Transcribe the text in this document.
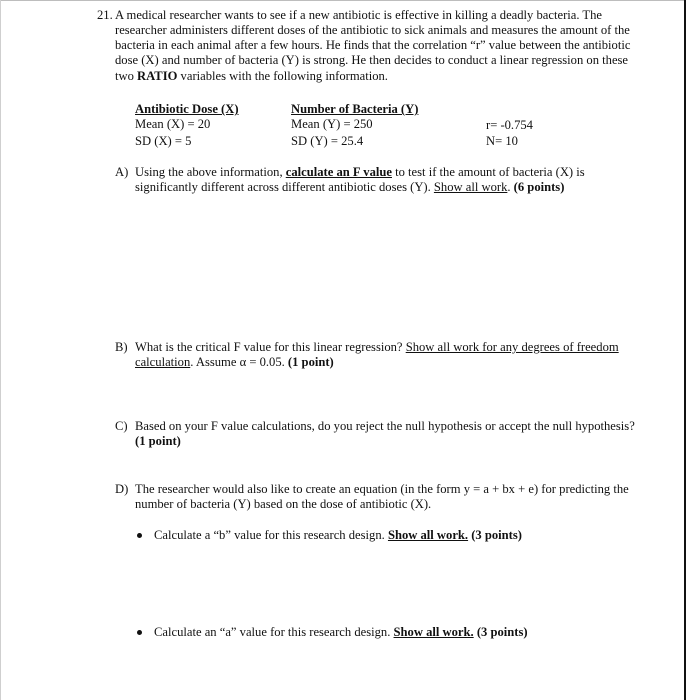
21. A medical researcher wants to see if a new antibiotic is effective in killing a deadly bacteria. The
researcher administers different doses of the antibiotic to sick animals and measures the amount of the
bacteria in each animal after a few hours. He finds that the correlation “r” value between the antibiotic
dose (X) and number of bacteria (Y) is strong. He then decides to conduct a linear regression on these
two RATIO variables with the following information.
Antibiotic Dose (X)
Mean (X) = 20
SD (X) = 5
Number of Bacteria (Y)
Mean (Y) = 250
SD (Y) = 25.4
r= -0.754
N= 10
A) Using the above information, calculate an F value to test if the amount of bacteria (X) is
significantly different across different antibiotic doses (Y). Show all work. (6 points)
B) What is the critical F value for this linear regression? Show all work for any degrees of freedom
calculation. Assume α = 0.05. (1 point)
C) Based on your F value calculations, do you reject the null hypothesis or accept the null hypothesis?
(1 point)
D) The researcher would also like to create an equation (in the form y = a + bx + e) for predicting the
number of bacteria (Y) based on the dose of antibiotic (X).
Calculate a “b” value for this research design. Show all work. (3 points)
Calculate an “a” value for this research design. Show all work. (3 points)
